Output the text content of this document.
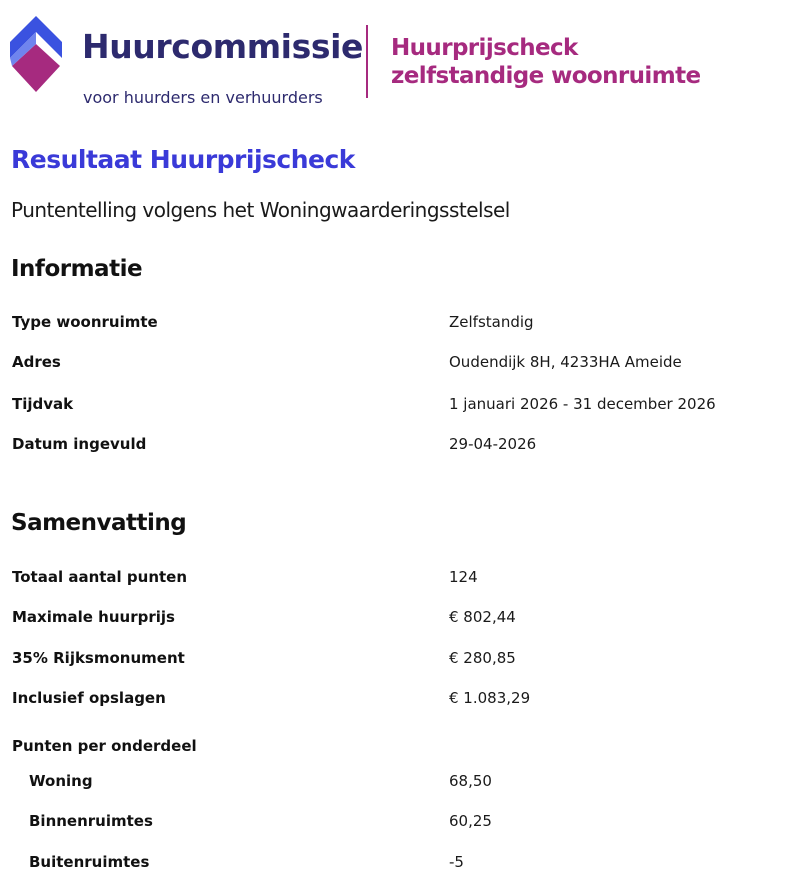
Huurcommissie
voor huurders en verhuurders
Huurprijscheck
zelfstandige woonruimte
Resultaat Huurprijscheck

Puntentelling volgens het Woningwaarderingsstelsel

Informatie
Type woonruimte	Zelfstandig
Adres	Oudendijk 8H, 4233HA Ameide
Tijdvak	1 januari 2026 - 31 december 2026
Datum ingevuld	29-04-2026
Samenvatting
Totaal aantal punten	124
Maximale huurprijs	€ 802,44
35% Rijksmonument	€ 280,85
Inclusief opslagen	€ 1.083,29
Punten per onderdeel
Woning	68,50
Binnenruimtes	60,25
Buitenruimtes	-5
